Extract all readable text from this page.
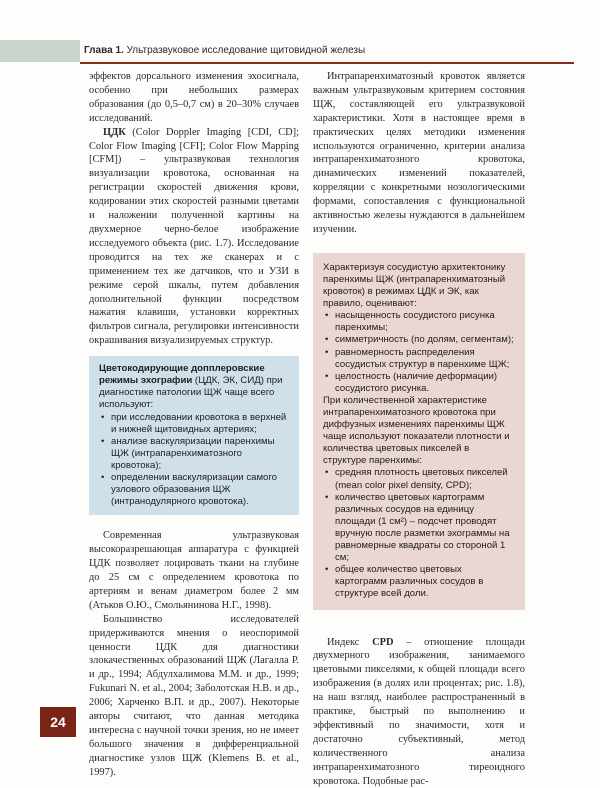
Глава 1. Ультразвуковое исследование щитовидной железы

эффектов дорсального изменения эхосигнала, особенно при небольших размерах образования (до 0,5–0,7 см) в 20–30% случаев исследований.

ЦДК (Color Doppler Imaging [CDI, CD]; Color Flow Imaging [CFI]; Color Flow Mapping [CFM]) – ультразвуковая технология визуализации кровотока, основанная на регистрации скоростей движения крови, кодировании этих скоростей разными цветами и наложении полученной картины на двухмерное черно-белое изображение исследуемого объекта (рис. 1.7). Исследование проводится на тех же сканерах и с применением тех же датчиков, что и УЗИ в режиме серой шкалы, путем добавления дополнительной функции посредством нажатия клавиши, установки корректных фильтров сигнала, регулировки интенсивности окрашивания визуализируемых структур.

Цветокодирующие допплеровские режимы эхографии (ЦДК, ЭК, СИД) при диагностике патологии ЩЖ чаще всего используют:

• при исследовании кровотока в верхней и нижней щитовидных артериях;
• анализе васкуляризации паренхимы ЩЖ (интрапаренхиматозного кровотока);
• определении васкуляризации самого узлового образования ЩЖ (интранодулярного кровотока).

Современная ультразвуковая высокоразрешающая аппаратура с функцией ЦДК позволяет лоцировать ткани на глубине до 25 см с определением кровотока по артериям и венам диаметром более 2 мм (Атьков О.Ю., Смольянинова Н.Г., 1998).

Большинство исследователей придерживаются мнения о неоспоримой ценности ЦДК для диагностики злокачественных образований ЩЖ (Лагалла Р. и др., 1994; Абдулхалимова М.М. и др., 1999; Fukunari N. et al., 2004; Заболотская Н.В. и др., 2006; Харченко В.П. и др., 2007). Некоторые авторы считают, что данная методика интересна с научной точки зрения, но не имеет большого значения в дифференциальной диагностике узлов ЩЖ (Klemens B. et al., 1997).

Интрапаренхиматозный кровоток является важным ультразвуковым критерием состояния ЩЖ, составляющей его ультразвуковой характеристики. Хотя в настоящее время в практических целях методики изменения используются ограниченно, критерии анализа интрапаренхиматозного кровотока, динамических изменений показателей, корреляции с конкретными нозологическими формами, сопоставления с функциональной активностью железы нуждаются в дальнейшем изучении.

Характеризуя сосудистую архитектонику паренхимы ЩЖ (интрапаренхиматозный кровоток) в режимах ЦДК и ЭК, как правило, оценивают:

• насыщенность сосудистого рисунка паренхимы;
• симметричность (по долям, сегментам);
• равномерность распределения сосудистых структур в паренхиме ЩЖ;
• целостность (наличие деформации) сосудистого рисунка.

При количественной характеристике интрапаренхиматозного кровотока при диффузных изменениях паренхимы ЩЖ чаще используют показатели плотности и количества цветовых пикселей в структуре паренхимы:

• средняя плотность цветовых пикселей (mean color pixel density, CPD);
• количество цветовых картограмм различных сосудов на единицу площади (1 см²) – подсчет проводят вручную после разметки эхограммы на равномерные квадраты со стороной 1 см;
• общее количество цветовых картограмм различных сосудов в структуре всей доли.

Индекс CPD – отношение площади двухмерного изображения, занимаемого цветовыми пикселями, к общей площади всего изображения (в долях или процентах; рис. 1.8), на наш взгляд, наиболее распространенный в практике, быстрый по выполнению и эффективный по значимости, хотя и достаточно субъективный, метод количественного анализа интрапаренхиматозного тиреоидного кровотока. Подобные рас-

24
